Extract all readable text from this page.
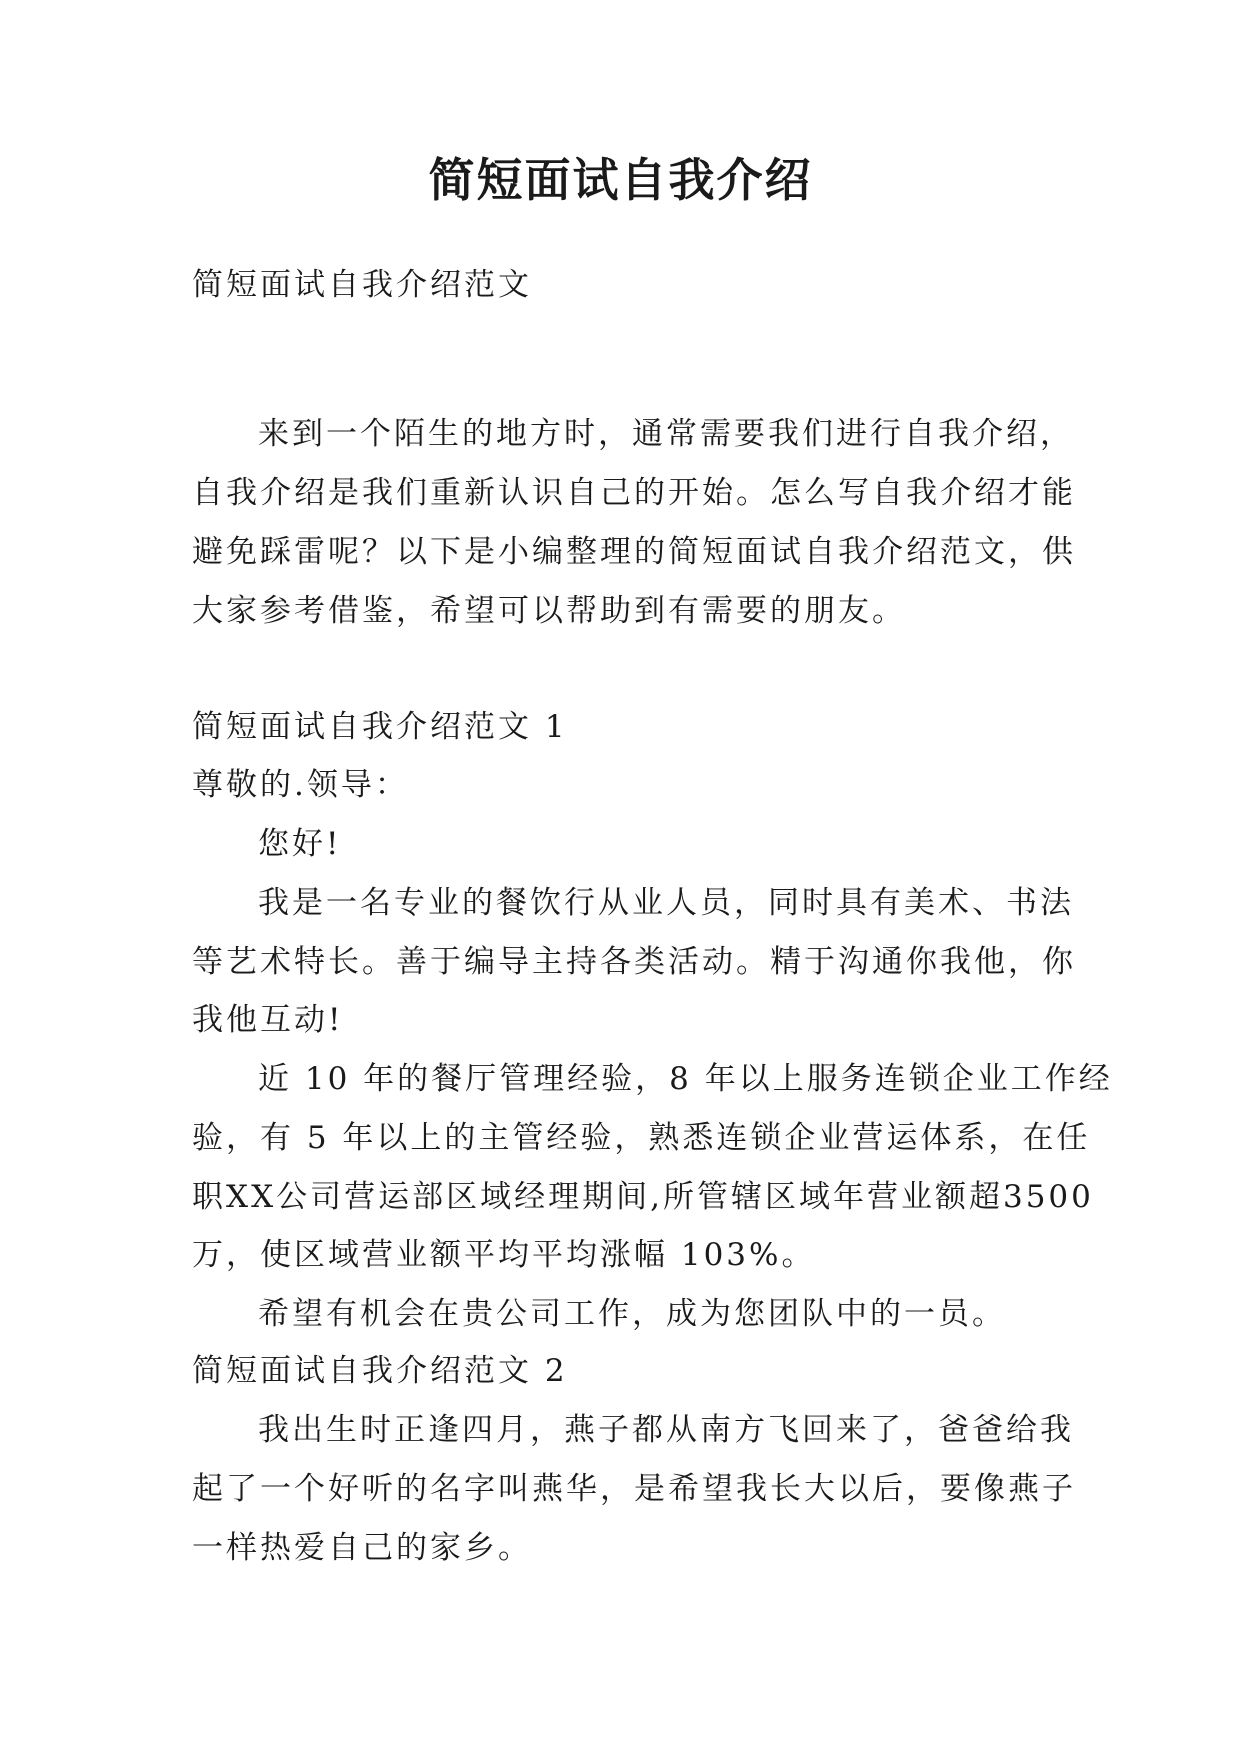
简短面试自我介绍

简短面试自我介绍范文

来到一个陌生的地方时，通常需要我们进行自我介绍，

自我介绍是我们重新认识自己的开始。怎么写自我介绍才能

避免踩雷呢？以下是小编整理的简短面试自我介绍范文，供

大家参考借鉴，希望可以帮助到有需要的朋友。

简短面试自我介绍范文 1

尊敬的.领导：

您好!

我是一名专业的餐饮行从业人员，同时具有美术、书法

等艺术特长。善于编导主持各类活动。精于沟通你我他，你

我他互动!

近 10 年的餐厅管理经验，8 年以上服务连锁企业工作经

验，有 5 年以上的主管经验，熟悉连锁企业营运体系，在任

职XX公司营运部区域经理期间,所管辖区域年营业额超3500

万，使区域营业额平均平均涨幅 103%。

希望有机会在贵公司工作，成为您团队中的一员。

简短面试自我介绍范文 2

我出生时正逢四月，燕子都从南方飞回来了，爸爸给我

起了一个好听的名字叫燕华，是希望我长大以后，要像燕子

一样热爱自己的家乡。
